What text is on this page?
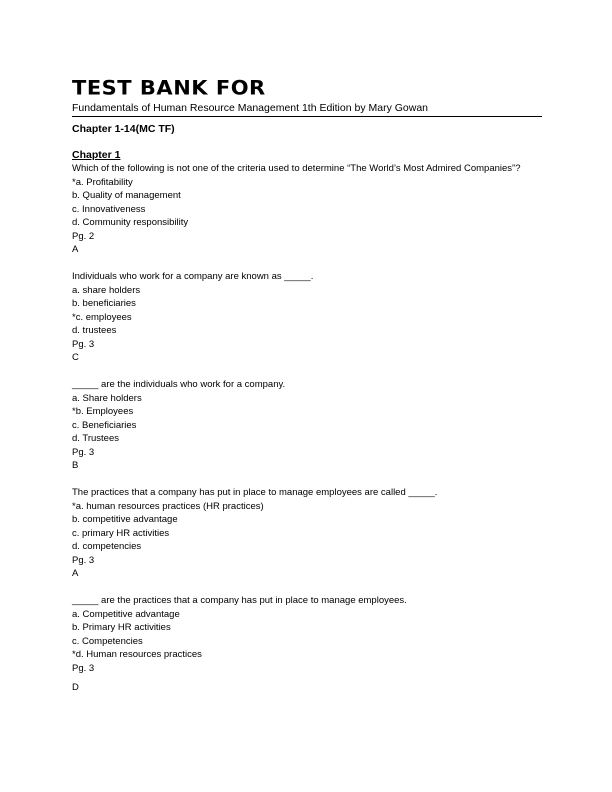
TEST BANK FOR
Fundamentals of Human Resource Management 1th Edition by Mary Gowan
Chapter 1-14(MC TF)
Chapter 1
Which of the following is not one of the criteria used to determine “The World’s Most Admired Companies”?
*a. Profitability
b. Quality of management
c. Innovativeness
d. Community responsibility
Pg. 2
A
Individuals who work for a company are known as _____.
a. share holders
b. beneficiaries
*c. employees
d. trustees
Pg. 3
C
_____ are the individuals who work for a company.
a. Share holders
*b. Employees
c. Beneficiaries
d. Trustees
Pg. 3
B
The practices that a company has put in place to manage employees are called _____.
*a. human resources practices (HR practices)
b. competitive advantage
c. primary HR activities
d. competencies
Pg. 3
A
_____ are the practices that a company has put in place to manage employees.
a. Competitive advantage
b. Primary HR activities
c. Competencies
*d. Human resources practices
Pg. 3
D
